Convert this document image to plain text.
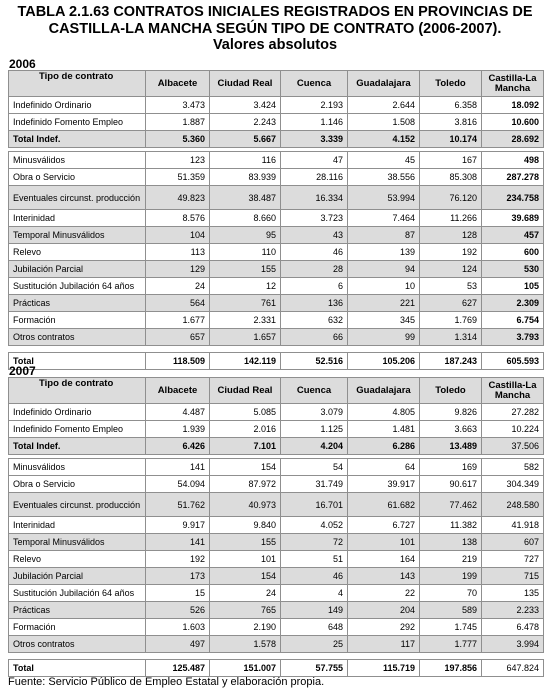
TABLA 2.1.63 CONTRATOS INICIALES REGISTRADOS EN PROVINCIAS DE
CASTILLA-LA MANCHA SEGÚN TIPO DE CONTRATO (2006-2007).
Valores absolutos
2006
Tipo de contrato	Albacete	Ciudad Real	Cuenca	Guadalajara	Toledo	Castilla-La Mancha
Indefinido Ordinario	3.473	3.424	2.193	2.644	6.358	18.092
Indefinido Fomento Empleo	1.887	2.243	1.146	1.508	3.816	10.600
Total Indef.	5.360	5.667	3.339	4.152	10.174	28.692

Minusválidos	123	116	47	45	167	498
Obra o Servicio	51.359	83.939	28.116	38.556	85.308	287.278
Eventuales circunst. producción	49.823	38.487	16.334	53.994	76.120	234.758
Interinidad	8.576	8.660	3.723	7.464	11.266	39.689
Temporal Minusválidos	104	95	43	87	128	457
Relevo	113	110	46	139	192	600
Jubilación Parcial	129	155	28	94	124	530
Sustitución Jubilación 64 años	24	12	6	10	53	105
Prácticas	564	761	136	221	627	2.309
Formación	1.677	2.331	632	345	1.769	6.754
Otros contratos	657	1.657	66	99	1.314	3.793

Total	118.509	142.119	52.516	105.206	187.243	605.593
2007
Tipo de contrato	Albacete	Ciudad Real	Cuenca	Guadalajara	Toledo	Castilla-La Mancha
Indefinido Ordinario	4.487	5.085	3.079	4.805	9.826	27.282
Indefinido Fomento Empleo	1.939	2.016	1.125	1.481	3.663	10.224
Total Indef.	6.426	7.101	4.204	6.286	13.489	37.506

Minusválidos	141	154	54	64	169	582
Obra o Servicio	54.094	87.972	31.749	39.917	90.617	304.349
Eventuales circunst. producción	51.762	40.973	16.701	61.682	77.462	248.580
Interinidad	9.917	9.840	4.052	6.727	11.382	41.918
Temporal Minusválidos	141	155	72	101	138	607
Relevo	192	101	51	164	219	727
Jubilación Parcial	173	154	46	143	199	715
Sustitución Jubilación 64 años	15	24	4	22	70	135
Prácticas	526	765	149	204	589	2.233
Formación	1.603	2.190	648	292	1.745	6.478
Otros contratos	497	1.578	25	117	1.777	3.994

Total	125.487	151.007	57.755	115.719	197.856	647.824
Fuente: Servicio Público de Empleo Estatal y elaboración propia.
